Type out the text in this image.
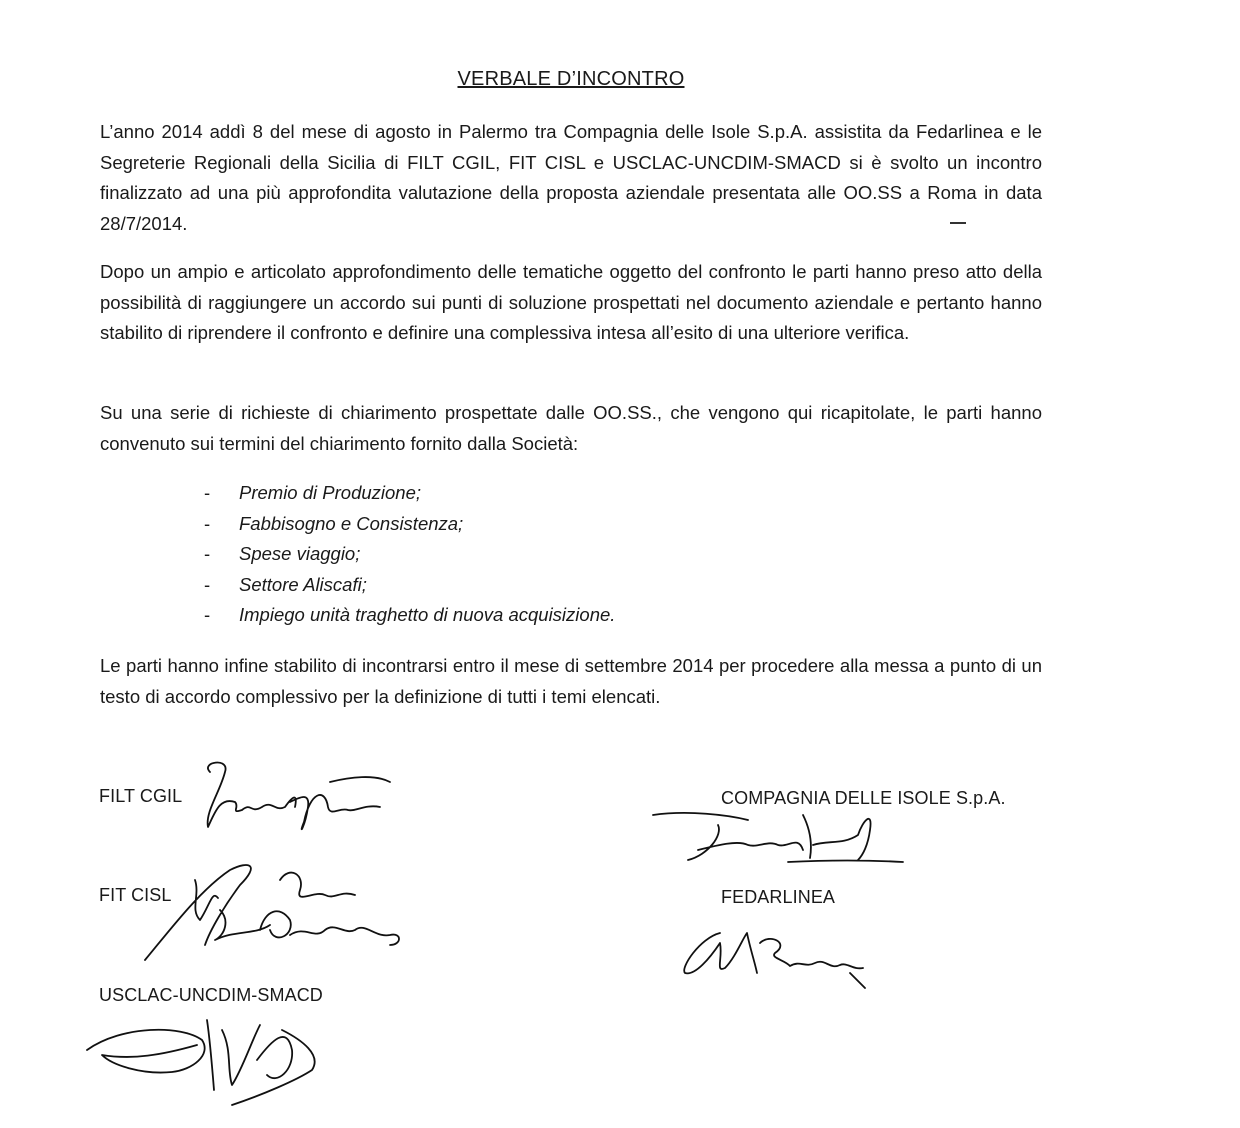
VERBALE D’INCONTRO

L’anno 2014 addì 8 del mese di agosto in Palermo tra Compagnia delle Isole S.p.A. assistita da Fedarlinea e le Segreterie Regionali della Sicilia di FILT CGIL, FIT CISL e USCLAC-UNCDIM-SMACD si è svolto un incontro finalizzato ad una più approfondita valutazione della proposta aziendale presentata alle OO.SS a Roma in data 28/7/2014.

Dopo un ampio e articolato approfondimento delle tematiche oggetto del confronto le parti hanno preso atto della possibilità di raggiungere un accordo sui punti di soluzione prospettati nel documento aziendale e pertanto hanno stabilito di riprendere il confronto e definire una complessiva intesa all’esito di una ulteriore verifica.

Su una serie di richieste di chiarimento prospettate dalle OO.SS., che vengono qui ricapitolate, le parti hanno convenuto sui termini del chiarimento fornito dalla Società:

- Premio di Produzione;
- Fabbisogno e Consistenza;
- Spese viaggio;
- Settore Aliscafi;
- Impiego unità traghetto di nuova acquisizione.

Le parti hanno infine stabilito di incontrarsi entro il mese di settembre 2014 per procedere alla messa a punto di un testo di accordo complessivo per la definizione di tutti i temi elencati.

FILT CGIL
FIT CISL
USCLAC-UNCDIM-SMACD
COMPAGNIA DELLE ISOLE S.p.A.
FEDARLINEA
